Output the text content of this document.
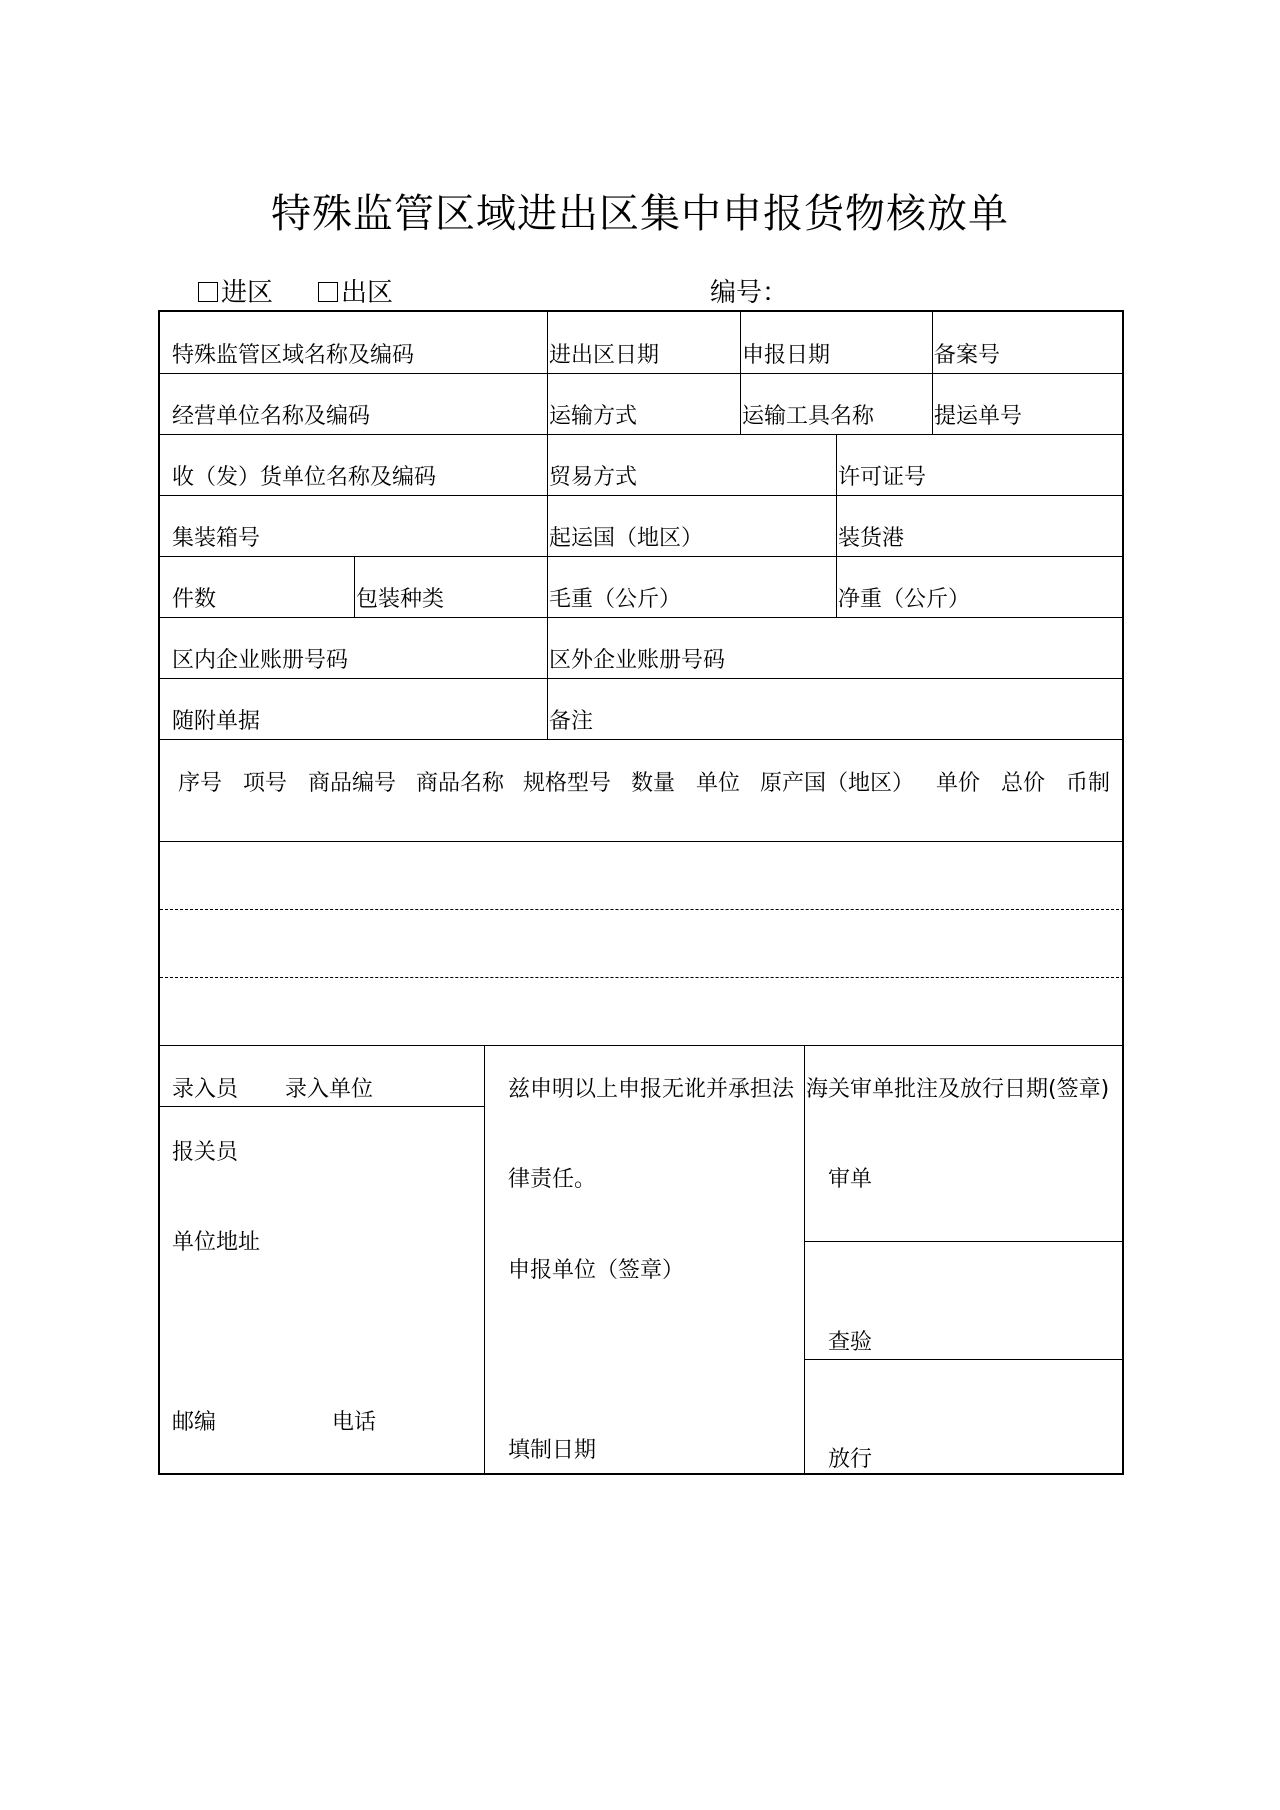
特殊监管区域进出区集中申报货物核放单
进区	出区	编号：
特殊监管区域名称及编码	进出区日期	申报日期	备案号
经营单位名称及编码	运输方式	运输工具名称	提运单号
收（发）货单位名称及编码	贸易方式	许可证号
集装箱号	起运国（地区）	装货港
件数	包装种类	毛重（公斤）	净重（公斤）
区内企业账册号码	区外企业账册号码
随附单据	备注
序号 项号 商品编号 商品名称 规格型号 数量 单位 原产国（地区） 单价 总价 币制
录入员 录入单位
报关员
单位地址
邮编	电话
兹申明以上申报无讹并承担法
律责任。
申报单位（签章）
填制日期
海关审单批注及放行日期(签章)
审单
查验
放行
